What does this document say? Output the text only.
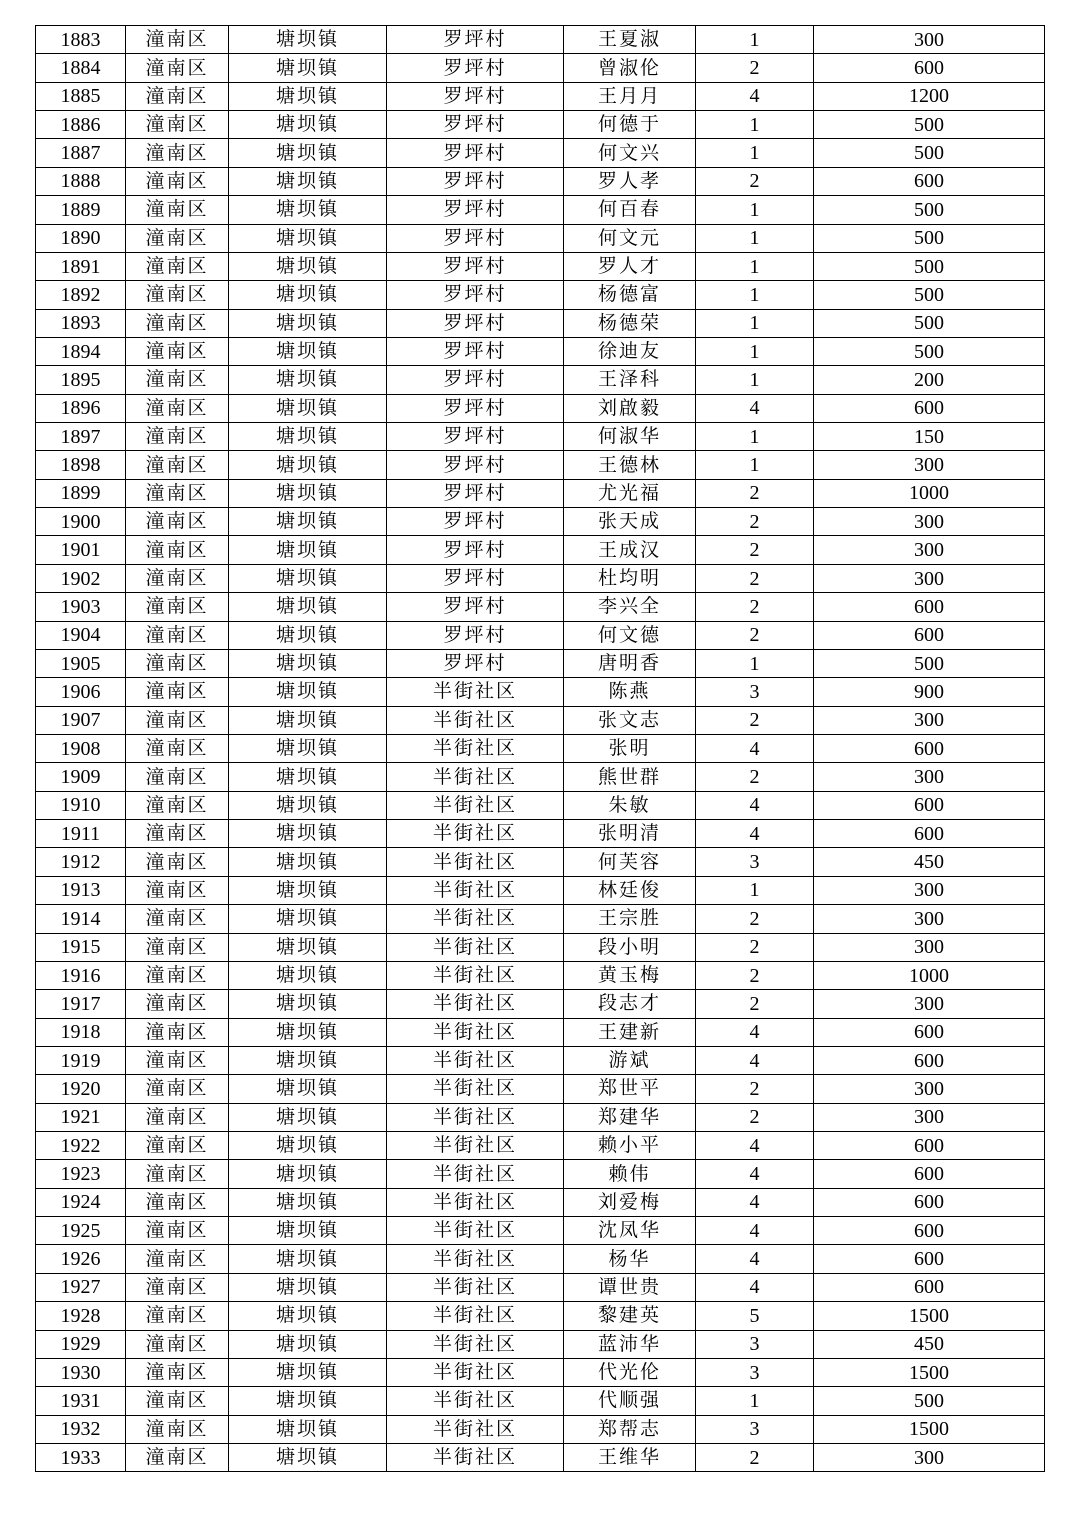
1883	潼南区	塘坝镇	罗坪村	王夏淑	1	300
1884	潼南区	塘坝镇	罗坪村	曾淑伦	2	600
1885	潼南区	塘坝镇	罗坪村	王月月	4	1200
1886	潼南区	塘坝镇	罗坪村	何德于	1	500
1887	潼南区	塘坝镇	罗坪村	何文兴	1	500
1888	潼南区	塘坝镇	罗坪村	罗人孝	2	600
1889	潼南区	塘坝镇	罗坪村	何百春	1	500
1890	潼南区	塘坝镇	罗坪村	何文元	1	500
1891	潼南区	塘坝镇	罗坪村	罗人才	1	500
1892	潼南区	塘坝镇	罗坪村	杨德富	1	500
1893	潼南区	塘坝镇	罗坪村	杨德荣	1	500
1894	潼南区	塘坝镇	罗坪村	徐迪友	1	500
1895	潼南区	塘坝镇	罗坪村	王泽科	1	200
1896	潼南区	塘坝镇	罗坪村	刘啟毅	4	600
1897	潼南区	塘坝镇	罗坪村	何淑华	1	150
1898	潼南区	塘坝镇	罗坪村	王德林	1	300
1899	潼南区	塘坝镇	罗坪村	尤光福	2	1000
1900	潼南区	塘坝镇	罗坪村	张天成	2	300
1901	潼南区	塘坝镇	罗坪村	王成汉	2	300
1902	潼南区	塘坝镇	罗坪村	杜均明	2	300
1903	潼南区	塘坝镇	罗坪村	李兴全	2	600
1904	潼南区	塘坝镇	罗坪村	何文德	2	600
1905	潼南区	塘坝镇	罗坪村	唐明香	1	500
1906	潼南区	塘坝镇	半街社区	陈燕	3	900
1907	潼南区	塘坝镇	半街社区	张文志	2	300
1908	潼南区	塘坝镇	半街社区	张明	4	600
1909	潼南区	塘坝镇	半街社区	熊世群	2	300
1910	潼南区	塘坝镇	半街社区	朱敏	4	600
1911	潼南区	塘坝镇	半街社区	张明清	4	600
1912	潼南区	塘坝镇	半街社区	何芙容	3	450
1913	潼南区	塘坝镇	半街社区	林廷俊	1	300
1914	潼南区	塘坝镇	半街社区	王宗胜	2	300
1915	潼南区	塘坝镇	半街社区	段小明	2	300
1916	潼南区	塘坝镇	半街社区	黄玉梅	2	1000
1917	潼南区	塘坝镇	半街社区	段志才	2	300
1918	潼南区	塘坝镇	半街社区	王建新	4	600
1919	潼南区	塘坝镇	半街社区	游斌	4	600
1920	潼南区	塘坝镇	半街社区	郑世平	2	300
1921	潼南区	塘坝镇	半街社区	郑建华	2	300
1922	潼南区	塘坝镇	半街社区	赖小平	4	600
1923	潼南区	塘坝镇	半街社区	赖伟	4	600
1924	潼南区	塘坝镇	半街社区	刘爱梅	4	600
1925	潼南区	塘坝镇	半街社区	沈凤华	4	600
1926	潼南区	塘坝镇	半街社区	杨华	4	600
1927	潼南区	塘坝镇	半街社区	谭世贵	4	600
1928	潼南区	塘坝镇	半街社区	黎建英	5	1500
1929	潼南区	塘坝镇	半街社区	蓝沛华	3	450
1930	潼南区	塘坝镇	半街社区	代光伦	3	1500
1931	潼南区	塘坝镇	半街社区	代顺强	1	500
1932	潼南区	塘坝镇	半街社区	郑帮志	3	1500
1933	潼南区	塘坝镇	半街社区	王维华	2	300
